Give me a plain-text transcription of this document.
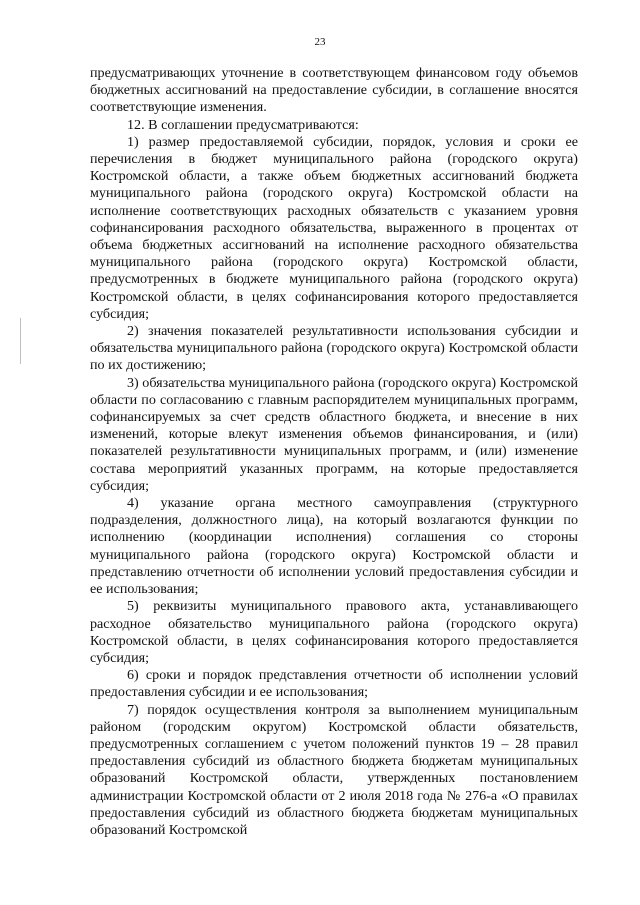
23

предусматривающих уточнение в соответствующем финансовом году объемов бюджетных ассигнований на предоставление субсидии, в соглашение вносятся соответствующие изменения.

12. В соглашении предусматриваются:

1) размер предоставляемой субсидии, порядок, условия и сроки ее перечисления в бюджет муниципального района (городского округа) Костромской области, а также объем бюджетных ассигнований бюджета муниципального района (городского округа) Костромской области на исполнение соответствующих расходных обязательств с указанием уровня софинансирования расходного обязательства, выраженного в процентах от объема бюджетных ассигнований на исполнение расходного обязательства муниципального района (городского округа) Костромской области, предусмотренных в бюджете муниципального района (городского округа) Костромской области, в целях софинансирования которого предоставляется субсидия;

2) значения показателей результативности использования субсидии и обязательства муниципального района (городского округа) Костромской области по их достижению;

3) обязательства муниципального района (городского округа) Костромской области по согласованию с главным распорядителем муниципальных программ, софинансируемых за счет средств областного бюджета, и внесение в них изменений, которые влекут изменения объемов финансирования, и (или) показателей результативности муниципальных программ, и (или) изменение состава мероприятий указанных программ, на которые предоставляется субсидия;

4) указание органа местного самоуправления (структурного подразделения, должностного лица), на который возлагаются функции по исполнению (координации исполнения) соглашения со стороны муниципального района (городского округа) Костромской области и представлению отчетности об исполнении условий предоставления субсидии и ее использования;

5) реквизиты муниципального правового акта, устанавливающего расходное обязательство муниципального района (городского округа) Костромской области, в целях софинансирования которого предоставляется субсидия;

6) сроки и порядок представления отчетности об исполнении условий предоставления субсидии и ее использования;

7) порядок осуществления контроля за выполнением муниципальным районом (городским округом) Костромской области обязательств, предусмотренных соглашением с учетом положений пунктов 19 – 28 правил предоставления субсидий из областного бюджета бюджетам муниципальных образований Костромской области, утвержденных постановлением администрации Костромской области от 2 июля 2018 года № 276-а «О правилах предоставления субсидий из областного бюджета бюджетам муниципальных образований Костромской
